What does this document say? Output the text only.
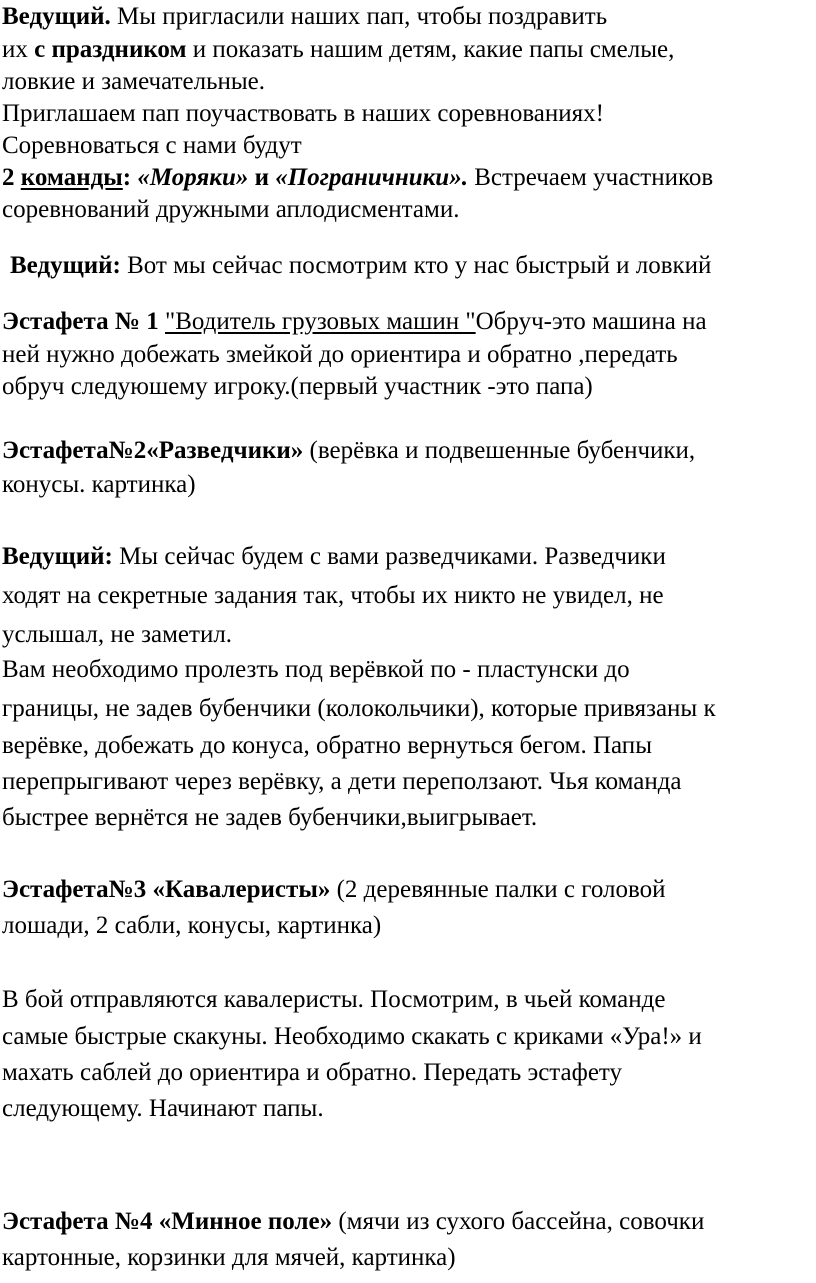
Ведущий. Мы пригласили наших пап, чтобы поздравить
их с праздником и показать нашим детям, какие папы смелые,
ловкие и замечательные.
Приглашаем пап поучаствовать в наших соревнованиях!
Соревноваться с нами будут
2 команды: «Моряки» и «Пограничники». Встречаем участников
соревнований дружными аплодисментами.
Ведущий: Вот мы сейчас посмотрим кто у нас быстрый и ловкий
Эстафета № 1 "Водитель грузовых машин "Обруч-это машина на
ней нужно добежать змейкой до ориентира и обратно ,передать
обруч следуюшему игроку.(первый участник -это папа)
Эстафета№2«Разведчики» (верёвка и подвешенные бубенчики,
конусы. картинка)
Ведущий: Мы сейчас будем с вами разведчиками. Разведчики
ходят на секретные задания так, чтобы их никто не увидел, не
услышал, не заметил.
Вам необходимо пролезть под верёвкой по - пластунски до
границы, не задев бубенчики (колокольчики), которые привязаны к
верёвке, добежать до конуса, обратно вернуться бегом. Папы
перепрыгивают через верёвку, а дети переползают. Чья команда
быстрее вернётся не задев бубенчики,выигрывает.
Эстафета№3 «Кавалеристы» (2 деревянные палки с головой
лошади, 2 сабли, конусы, картинка)
В бой отправляются кавалеристы. Посмотрим, в чьей команде
самые быстрые скакуны. Необходимо скакать с криками «Ура!» и
махать саблей до ориентира и обратно. Передать эстафету
следующему. Начинают папы.
Эстафета №4 «Минное поле» (мячи из сухого бассейна, совочки
картонные, корзинки для мячей, картинка)
